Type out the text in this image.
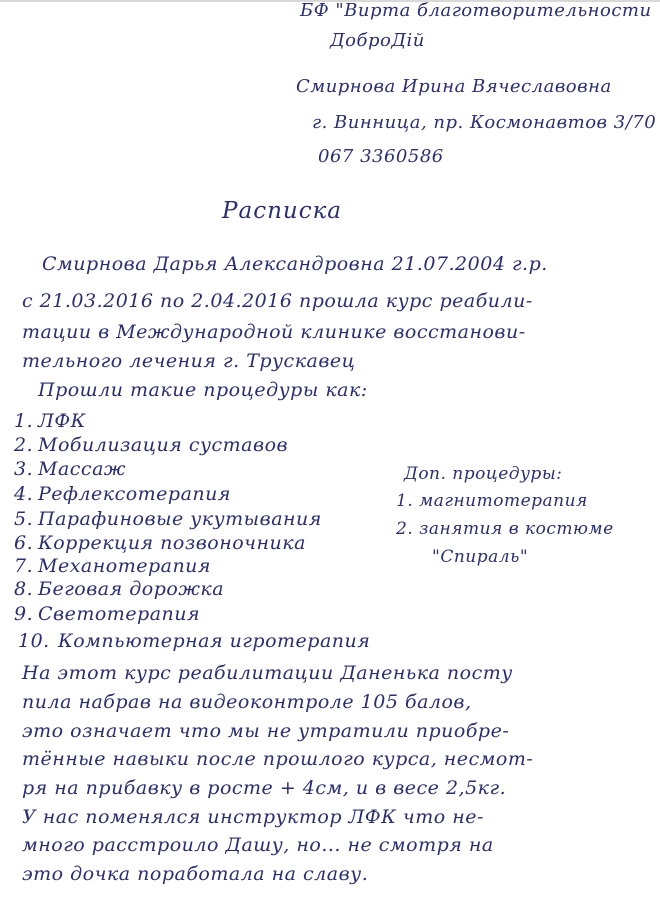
БФ "Вирта благотворительности
ДоброДій
Смирнова Ирина Вячеславовна
г. Винница, пр. Космонавтов 3/70
067 3360586
Расписка
Смирнова Дарья Александровна 21.07.2004 г.р.
с 21.03.2016 по 2.04.2016 прошла курс реабили-
тации в Международной клинике восстанови-
тельного лечения г. Трускавец
Прошли такие процедуры как:
1. ЛФК
2. Мобилизация суставов
3. Массаж
4. Рефлексотерапия
5. Парафиновые укутывания
6. Коррекция позвоночника
7. Механотерапия
8. Беговая дорожка
9. Светотерапия
10. Компьютерная игротерапия
Доп. процедуры:
1. магнитотерапия
2. занятия в костюме
"Спираль"
На этот курс реабилитации Даненька посту
пила набрав на видеоконтроле 105 балов,
это означает что мы не утратили приобре-
тённые навыки после прошлого курса, несмот-
ря на прибавку в росте + 4см, и в весе 2,5кг.
У нас поменялся инструктор ЛФК что не-
много расстроило Дашу, но... не смотря на
это дочка поработала на славу.
